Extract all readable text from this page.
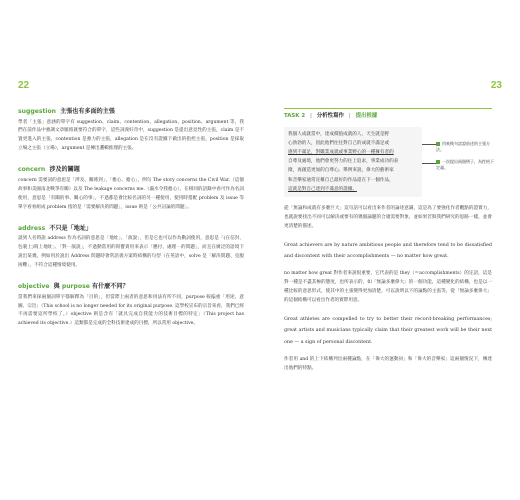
22	23
suggestion 主張也有多面的主張
學者「主張」意涵的單字有 suggestion、claim、contention、allegation、position、argument 等，我們在前作品中強調文章脈絡就要符合的單字，這些詞義好奇中，suggestion 是提出意見性的主張，claim 是不置更進入的主張，contention 是強力的主張，allegation 是在沒有證據下做出的指控主張，position 是採取立場之主張（立場），argument 是傳出邏輯推理的主張。
concern 涉及的關題
concern 需要詞的意思是「涉及、關係到」、「擔心、擔心」，例句 The story concerns the Civil War.（這個故事和美國南北戰爭有關）以及 The leakage concerns me.（漏水令我擔心），在相同的語錄中看可作為名詞使用，意思是「有關的事、關心的事」，不過都是會比較名詞的另一種使用，使用時搭配 problem 及 issue 等單字看看組成 problem 指的是「需要解決的問題」，issue 則是「公共討論的問題」。
address 不只是「地址」
談到人名時說 address 作為名詞的意思是「地址」、「演說」，但是它也可以作為動詞使用，意思是「(在信封、包裹上)寫上地址」、「對⋯演說」，不過動當用的寫寶貴用來表示「應付、處理⋯的問題」，而且在廣泛的語境下說出某幾，例如用於說出 Address 問題時會常語義方案時結構的句型（在英語中，solve 是「解決問題、克服困難」，不符合這種情境使用。
objective 與 purpose 有什麼不同？
當我們來探兩個詞單字都解釋為「目的」，但當際上兩者的意思和用法有所不同，purpose 較偏重「用途、意圖、宗旨」（This school is no longer needed for its original purpose. 這學校宣布的宗旨來看，我們已經不再需要這所學校了。）objective 則是含有「就具完成自我能力的技術目標的特定」（This project has achieved its objective.）這類都是完成的全科技術達成的目標，所以常用 objective。
TASK 2 | 分析性寫作 | 提出根據
我個人成就當中，達成價值成就的人，天生就是野
心勃勃的人，因此他們往往對自己的成就不滿足或
感到不滿足，對職業成就或事業野心的一種擁有者的
自尊及處境，他們會更努力的往上追求，事業成功的表
徵，再創造更加的自尊心。舉例來說，偉大的藝術家
和音樂家通常宣稱自己最好的作品還在下一個作品，
這就是對自己達到不滿意的證據。
用來換句話說前述的主張方法。
一次提出兩個例子，為性格下定義。
從「無論和成就有多麼巨大」這句話可以看出來作者的論述意識，這是為了要強化作者觀點的證實力，也就說要找出不同可以解決或要有的幾個論題的合適需要對象，並如果若與我們研究的思路一樣，並會更清楚的描述。
Great achievers are by nature ambitious people and therefore tend to be dissatisfied and discontent with their accomplishments — no matter how great.
no matter how great 對作者來說很重要，它代表的是 they（＝accomplishments）的定語，這是對一種是不盡其極的態度，也所表示的，如「無論多麼偉大」的一個功能，這種變化的結構，也是以一種比較的意思形式，使其中的主張變得更加清楚，可以說明以下的論點的主張等，從「無論多麼偉大」的這個結構可以看出作者的實際用意。
Great athletes are compelled to try to better their record-breaking performances; great artists and musicians typically claim that their greatest work will be their next one — a sign of personal discontent.
作者用 and 的上下結構列出兩種論點，在「偉大的運動員」和「偉大的音樂家」這兩個情況下，傳達出他們的特點。
